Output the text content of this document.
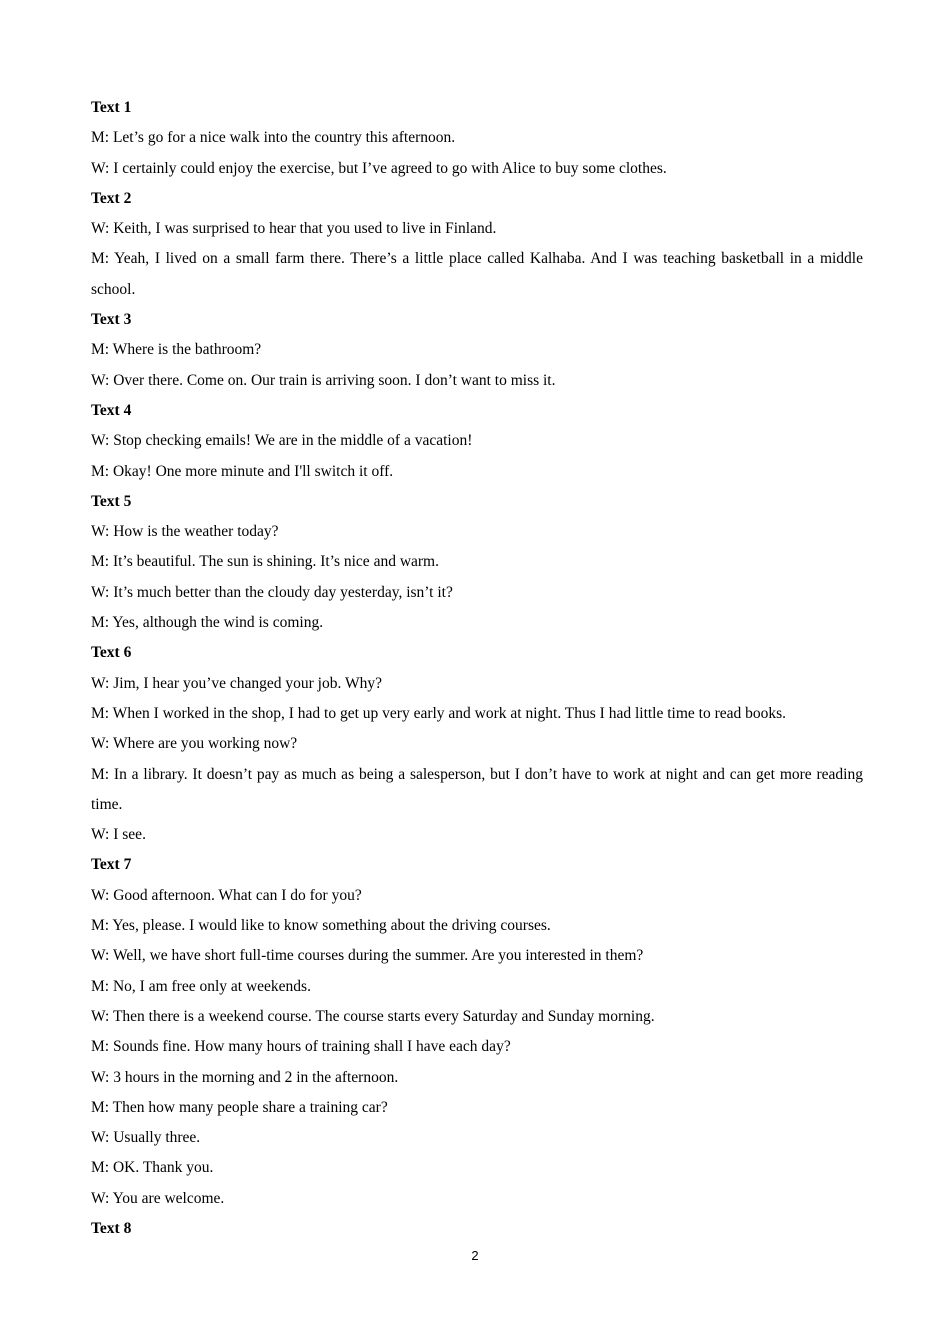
Text 1
M: Let’s go for a nice walk into the country this afternoon.
W: I certainly could enjoy the exercise, but I’ve agreed to go with Alice to buy some clothes.
Text 2
W: Keith, I was surprised to hear that you used to live in Finland.
M: Yeah, I lived on a small farm there. There’s a little place called Kalhaba. And I was teaching basketball in a middle school.
Text 3
M: Where is the bathroom?
W: Over there. Come on. Our train is arriving soon. I don’t want to miss it.
Text 4
W: Stop checking emails! We are in the middle of a vacation!
M: Okay! One more minute and I'll switch it off.
Text 5
W: How is the weather today?
M: It’s beautiful. The sun is shining. It’s nice and warm.
W: It’s much better than the cloudy day yesterday, isn’t it?
M: Yes, although the wind is coming.
Text 6
W: Jim, I hear you’ve changed your job. Why?
M: When I worked in the shop, I had to get up very early and work at night. Thus I had little time to read books.
W: Where are you working now?
M: In a library. It doesn’t pay as much as being a salesperson, but I don’t have to work at night and can get more reading time.
W: I see.
Text 7
W: Good afternoon. What can I do for you?
M: Yes, please. I would like to know something about the driving courses.
W: Well, we have short full-time courses during the summer. Are you interested in them?
M: No, I am free only at weekends.
W: Then there is a weekend course. The course starts every Saturday and Sunday morning.
M: Sounds fine. How many hours of training shall I have each day?
W: 3 hours in the morning and 2 in the afternoon.
M: Then how many people share a training car?
W: Usually three.
M: OK. Thank you.
W: You are welcome.
Text 8
2
